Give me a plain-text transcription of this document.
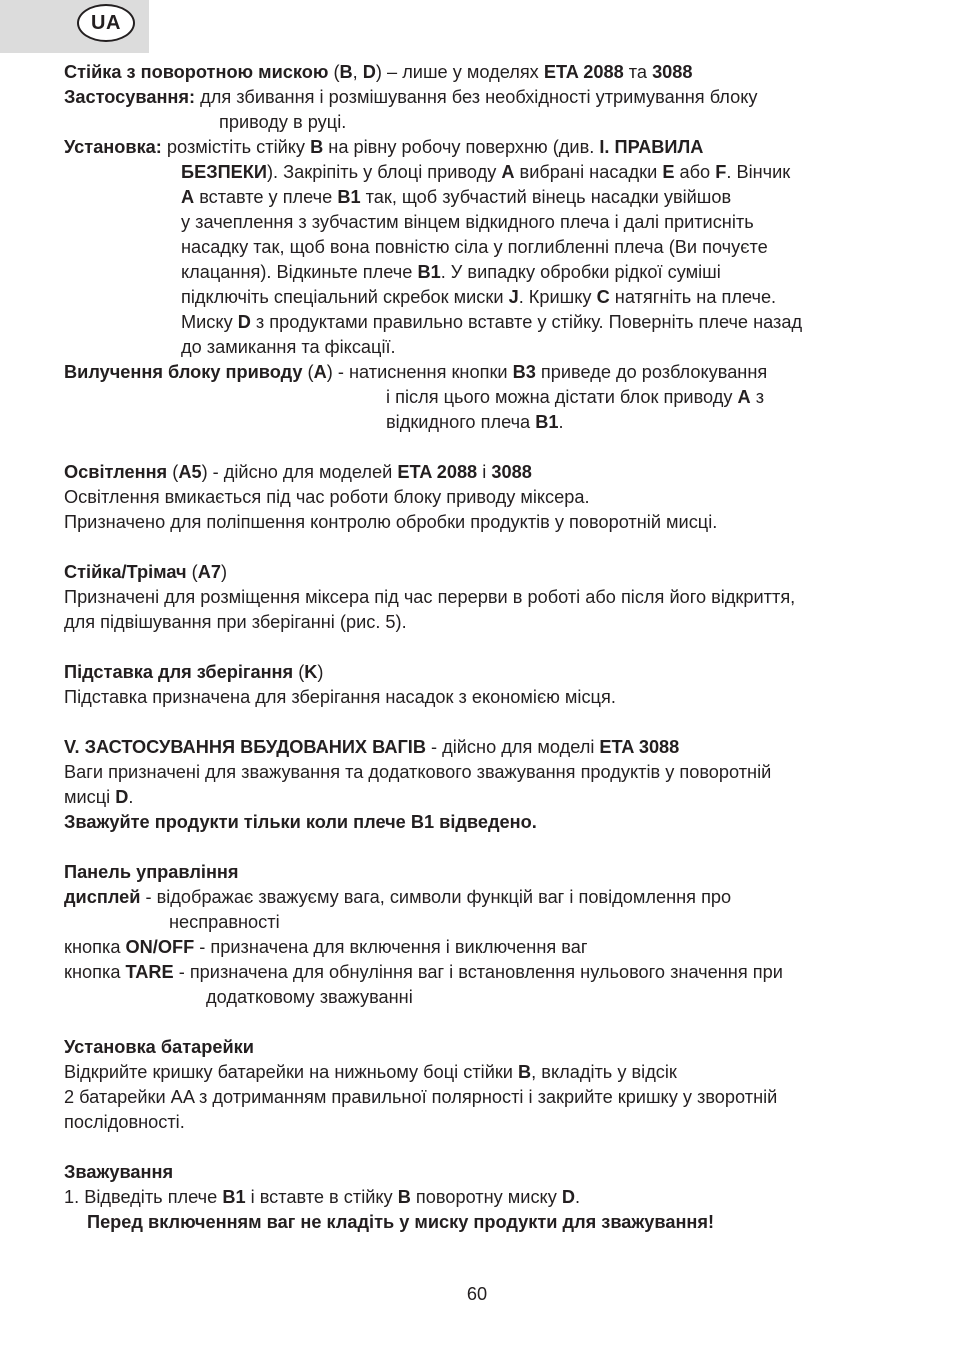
UA
Стійка з поворотною мискою (B, D) – лише у моделях ETA 2088 та 3088
Застосування: для збивання і розмішування без необхідності утримування блоку
приводу в руці.
Установка: розмістіть стійку B на рівну робочу поверхню (див. I. ПРАВИЛА
БЕЗПЕКИ). Закріпіть у блоці приводу A вибрані насадки E або F. Вінчик
A вставте у плече B1 так, щоб зубчастий вінець насадки увійшов
у зачеплення з зубчастим вінцем відкидного плеча і далі притисніть
насадку так, щоб вона повністю сіла у поглибленні плеча (Ви почуєте
клацання). Відкиньте плече B1. У випадку обробки рідкої суміші
підключіть спеціальний скребок миски J. Кришку C натягніть на плече.
Миску D з продуктами правильно вставте у стійку. Поверніть плече назад
до замикання та фіксації.
Вилучення блоку приводу (A) - натиснення кнопки B3 приведе до розблокування
і після цього можна дістати блок приводу A з
відкидного плеча B1.
Освітлення (A5) - дійсно для моделей ETA 2088 і 3088
Освітлення вмикається під час роботи блоку приводу міксера.
Призначено для поліпшення контролю обробки продуктів у поворотній мисці.
Стійка/Трімач (A7)
Призначені для розміщення міксера під час перерви в роботі або після його відкриття,
для підвішування при зберіганні (рис. 5).
Підставка для зберігання (K)
Підставка призначена для зберігання насадок з економією місця.
V. ЗАСТОСУВАННЯ ВБУДОВАНИХ ВАГІВ - дійсно для моделі ETA 3088
Ваги призначені для зважування та додаткового зважування продуктів у поворотній
мисці D.
Зважуйте продукти тільки коли плече B1 відведено.
Панель управління
дисплей - відображає зважуєму вага, символи функцій ваг і повідомлення про
несправності
кнопка ON/OFF - призначена для включення і виключення ваг
кнопка TARE - призначена для обнуління ваг і встановлення нульового значення при
додатковому зважуванні
Установка батарейки
Відкрийте кришку батарейки на нижньому боці стійки B, вкладіть у відсік
2 батарейки AA з дотриманням правильної полярності і закрийте кришку у зворотній
послідовності.
Зважування
1. Відведіть плече B1 і вставте в стійку B поворотну миску D.
Перед включенням ваг не кладіть у миску продукти для зважування!
60
